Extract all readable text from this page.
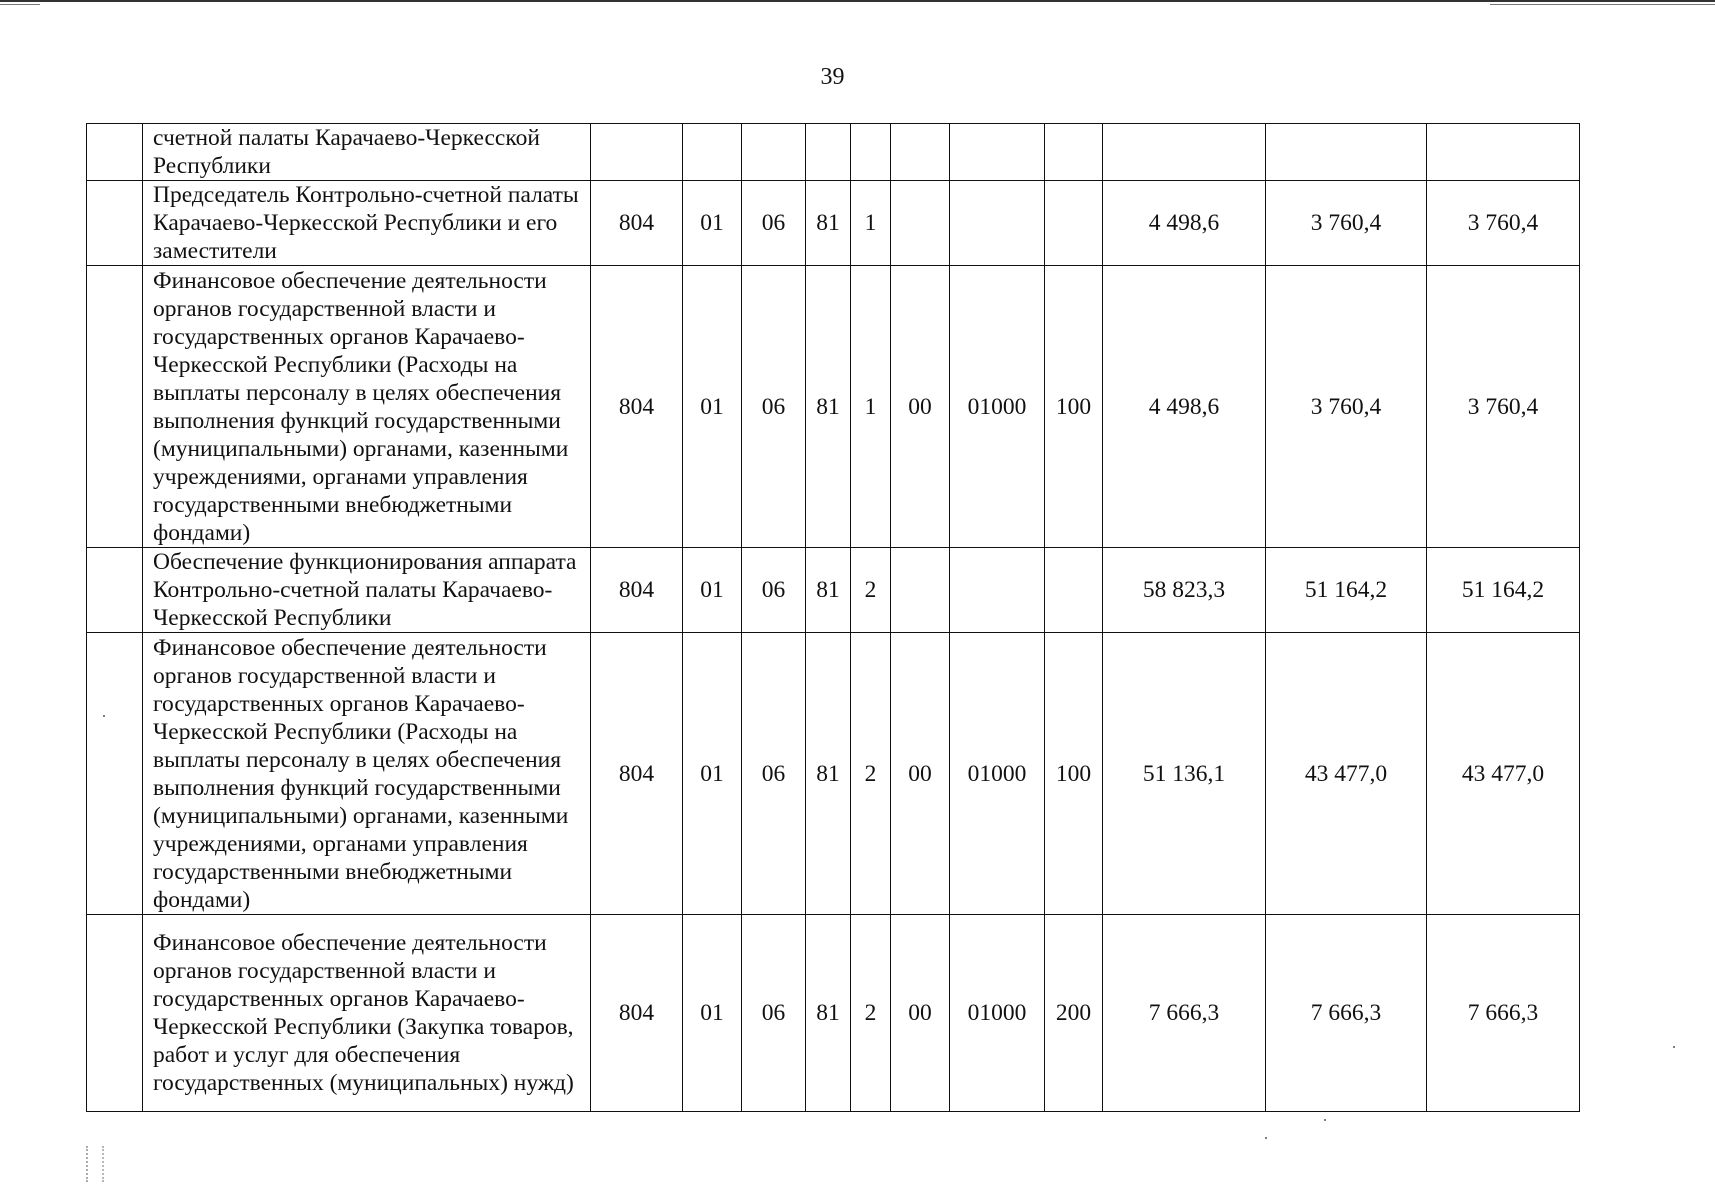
39
	счетной палаты Карачаево-Черкесской Республики											
	Председатель Контрольно-счетной палаты Карачаево-Черкесской Республики и его заместители	804	01	06	81	1				4 498,6	3 760,4	3 760,4
	Финансовое обеспечение деятельности органов государственной власти и государственных органов Карачаево-Черкесской Республики (Расходы на выплаты персоналу в целях обеспечения выполнения функций государственными (муниципальными) органами, казенными учреждениями, органами управления государственными внебюджетными фондами)	804	01	06	81	1	00	01000	100	4 498,6	3 760,4	3 760,4
	Обеспечение функционирования аппарата Контрольно-счетной палаты Карачаево-Черкесской Республики	804	01	06	81	2				58 823,3	51 164,2	51 164,2
	Финансовое обеспечение деятельности органов государственной власти и государственных органов Карачаево-Черкесской Республики (Расходы на выплаты персоналу в целях обеспечения выполнения функций государственными (муниципальными) органами, казенными учреждениями, органами управления государственными внебюджетными фондами)	804	01	06	81	2	00	01000	100	51 136,1	43 477,0	43 477,0
	Финансовое обеспечение деятельности органов государственной власти и государственных органов Карачаево-Черкесской Республики (Закупка товаров, работ и услуг для обеспечения государственных (муниципальных) нужд)	804	01	06	81	2	00	01000	200	7 666,3	7 666,3	7 666,3
